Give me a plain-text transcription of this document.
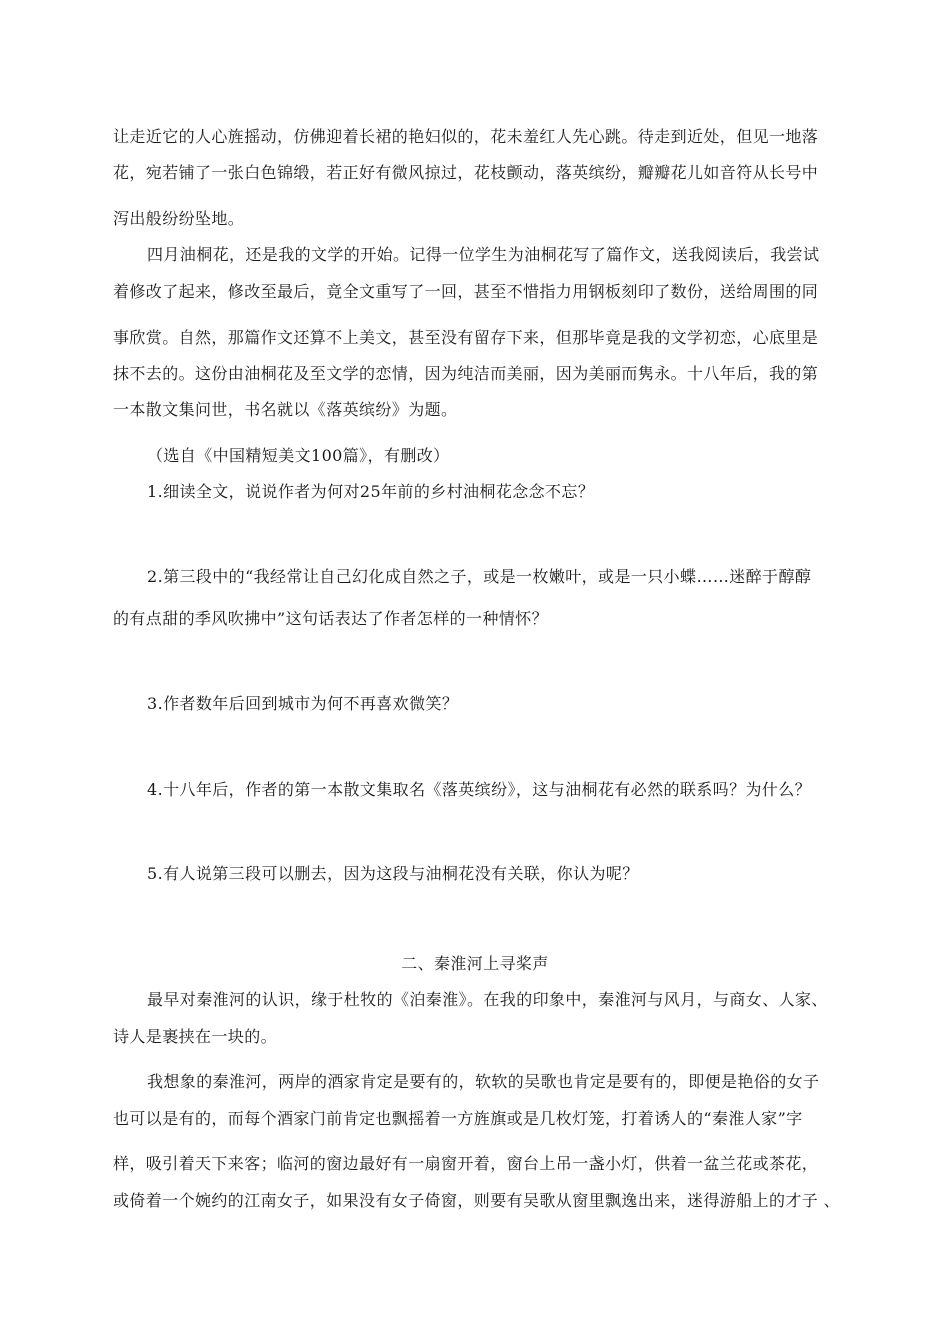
让走近它的人心旌摇动，仿佛迎着长裙的艳妇似的，花未羞红人先心跳。待走到近处，但见一地落
花，宛若铺了一张白色锦缎，若正好有微风掠过，花枝颤动，落英缤纷，瓣瓣花儿如音符从长号中
泻出般纷纷坠地。
四月油桐花，还是我的文学的开始。记得一位学生为油桐花写了篇作文，送我阅读后，我尝试
着修改了起来，修改至最后，竟全文重写了一回，甚至不惜指力用钢板刻印了数份，送给周围的同
事欣赏。自然，那篇作文还算不上美文，甚至没有留存下来，但那毕竟是我的文学初恋，心底里是
抹不去的。这份由油桐花及至文学的恋情，因为纯洁而美丽，因为美丽而隽永。十八年后，我的第
一本散文集问世，书名就以《落英缤纷》为题。
（选自《中国精短美文100篇》，有删改）
1.细读全文，说说作者为何对25年前的乡村油桐花念念不忘？
2.第三段中的“我经常让自己幻化成自然之子，或是一枚嫩叶，或是一只小蝶……迷醉于醇醇
的有点甜的季风吹拂中”这句话表达了作者怎样的一种情怀？
3.作者数年后回到城市为何不再喜欢微笑？
4.十八年后，作者的第一本散文集取名《落英缤纷》，这与油桐花有必然的联系吗？为什么？
5.有人说第三段可以删去，因为这段与油桐花没有关联，你认为呢？
二、秦淮河上寻桨声
最早对秦淮河的认识，缘于杜牧的《泊秦淮》。在我的印象中，秦淮河与风月，与商女、人家、
诗人是裹挟在一块的。
我想象的秦淮河，两岸的酒家肯定是要有的，软软的吴歌也肯定是要有的，即便是艳俗的女子
也可以是有的，而每个酒家门前肯定也飘摇着一方旌旗或是几枚灯笼，打着诱人的“秦淮人家”字
样，吸引着天下来客；临河的窗边最好有一扇窗开着，窗台上吊一盏小灯，供着一盆兰花或茶花，
或倚着一个婉约的江南女子，如果没有女子倚窗，则要有吴歌从窗里飘逸出来，迷得游船上的才子 、
